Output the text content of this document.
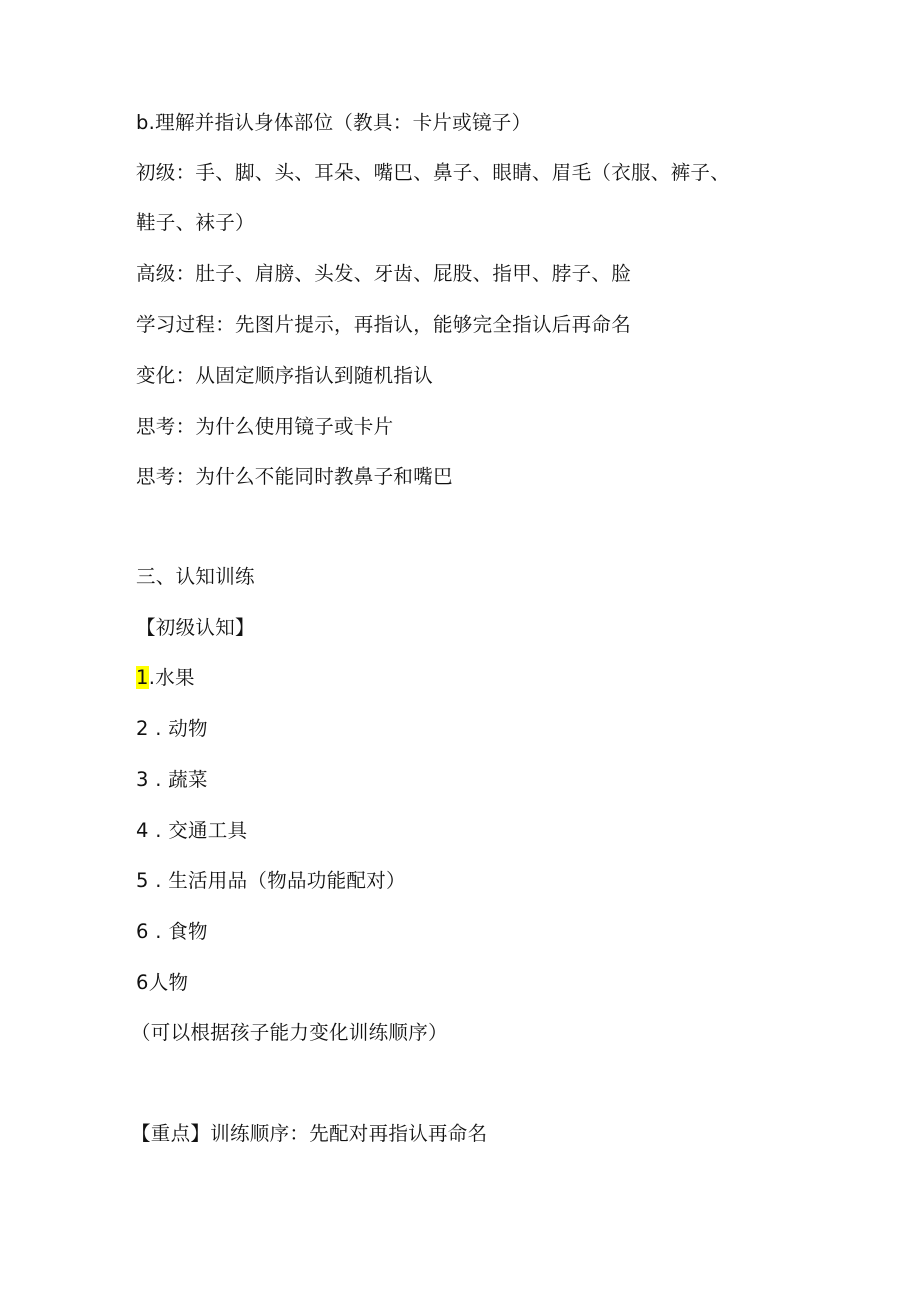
b.理解并指认身体部位（教具：卡片或镜子）
初级：手、脚、头、耳朵、嘴巴、鼻子、眼睛、眉毛（衣服、裤子、
鞋子、袜子）
高级：肚子、肩膀、头发、牙齿、屁股、指甲、脖子、脸
学习过程：先图片提示，再指认，能够完全指认后再命名
变化：从固定顺序指认到随机指认
思考：为什么使用镜子或卡片
思考：为什么不能同时教鼻子和嘴巴
三、认知训练
【初级认知】
1.水果
2 . 动物
3 . 蔬菜
4 . 交通工具
5 . 生活用品（物品功能配对）
6 . 食物
6人物
（可以根据孩子能力变化训练顺序）
【重点】训练顺序：先配对再指认再命名
